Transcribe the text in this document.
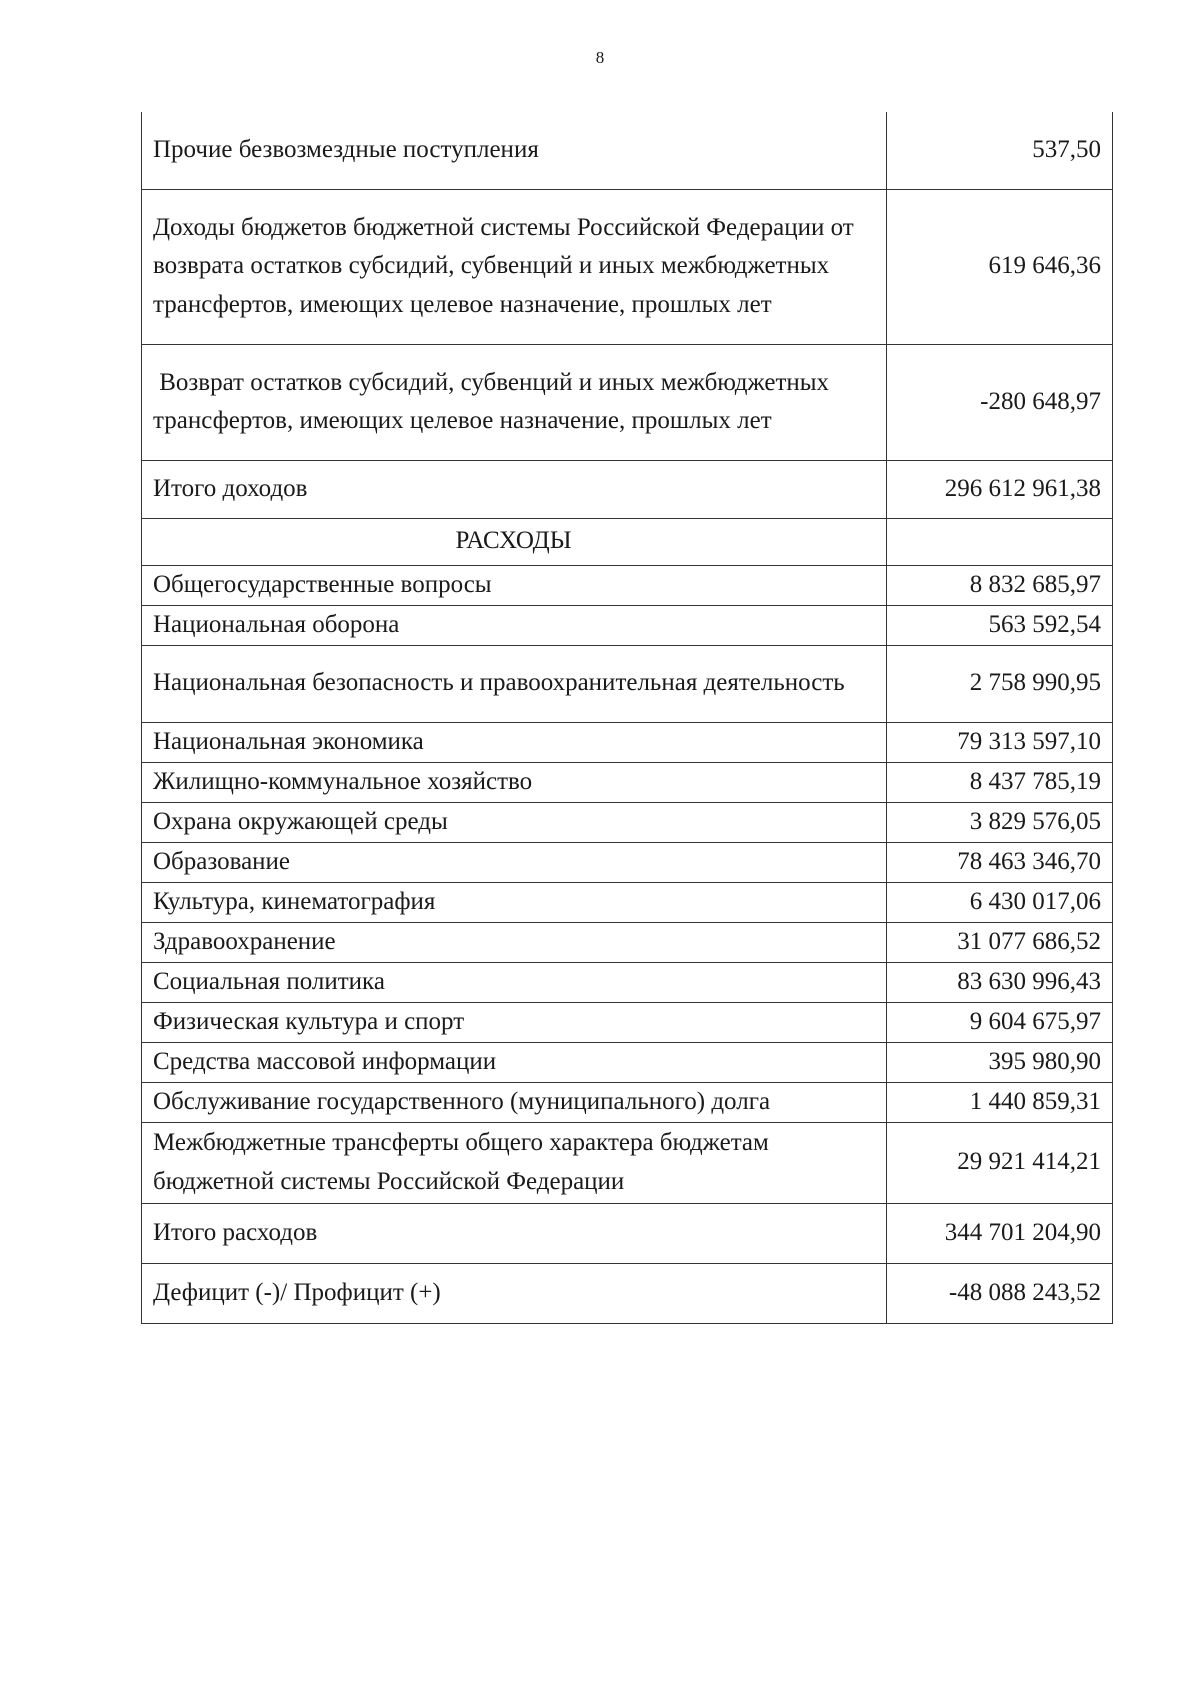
8
Прочие безвозмездные поступления	537,50
Доходы бюджетов бюджетной системы Российской Федерации от возврата остатков субсидий, субвенций и иных межбюджетных трансфертов, имеющих целевое назначение, прошлых лет	619 646,36
Возврат остатков субсидий, субвенций и иных межбюджетных трансфертов, имеющих целевое назначение, прошлых лет	-280 648,97
Итого доходов	296 612 961,38
РАСХОДЫ	
Общегосударственные вопросы	8 832 685,97
Национальная оборона	563 592,54
Национальная безопасность и правоохранительная деятельность	2 758 990,95
Национальная экономика	79 313 597,10
Жилищно-коммунальное хозяйство	8 437 785,19
Охрана окружающей среды	3 829 576,05
Образование	78 463 346,70
Культура, кинематография	6 430 017,06
Здравоохранение	31 077 686,52
Социальная политика	83 630 996,43
Физическая культура и спорт	9 604 675,97
Средства массовой информации	395 980,90
Обслуживание государственного (муниципального) долга	1 440 859,31
Межбюджетные трансферты общего характера бюджетам бюджетной системы Российской Федерации	29 921 414,21
Итого расходов	344 701 204,90
Дефицит (-)/ Профицит (+)	-48 088 243,52
